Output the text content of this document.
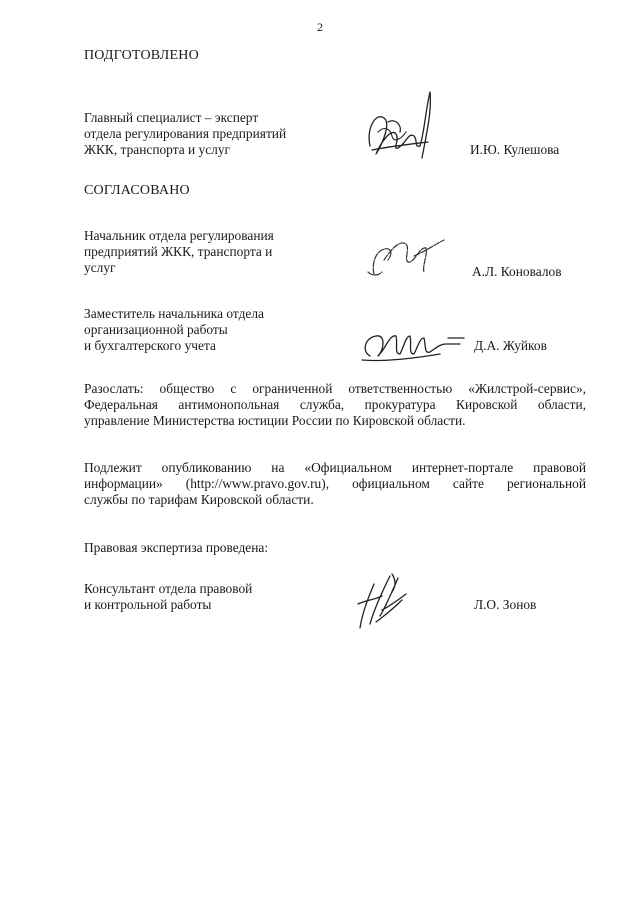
2
ПОДГОТОВЛЕНО
Главный специалист – эксперт
отдела регулирования предприятий
ЖКК, транспорта и услуг	И.Ю. Кулешова
СОГЛАСОВАНО
Начальник отдела регулирования
предприятий ЖКК, транспорта и
услуг	А.Л. Коновалов
Заместитель начальника отдела
организационной работы
и бухгалтерского учета	Д.А. Жуйков
Разослать: общество с ограниченной ответственностью «Жилстрой-сервис»,
Федеральная антимонопольная служба, прокуратура Кировской области,
управление Министерства юстиции России по Кировской области.
Подлежит опубликованию на «Официальном интернет-портале правовой
информации» (http://www.pravo.gov.ru), официальном сайте региональной
службы по тарифам Кировской области.
Правовая экспертиза проведена:
Консультант отдела правовой
и контрольной работы	Л.О. Зонов
